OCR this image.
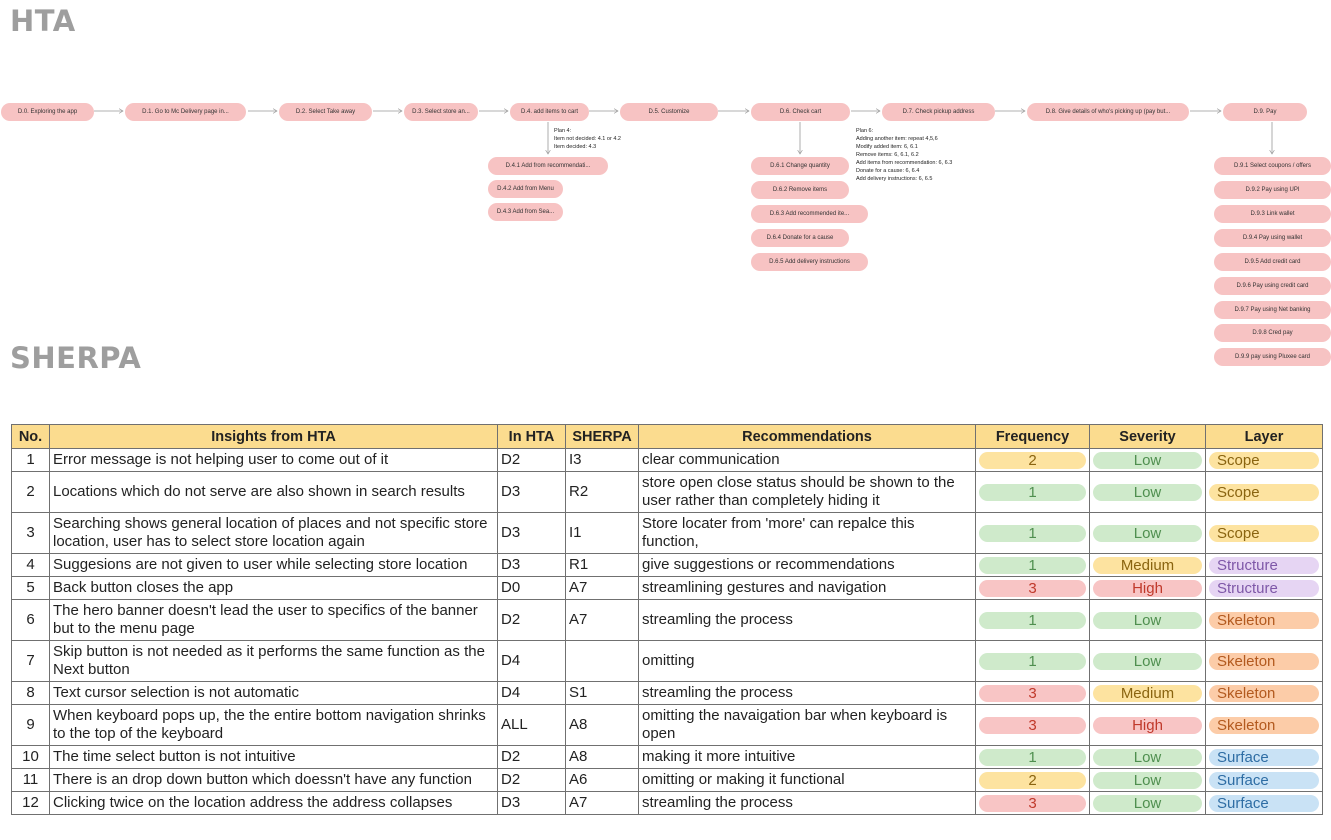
HTA
D.0. Exploring the app	D.1. Go to Mc Delivery page in...	D.2. Select Take away	D.3. Select store an...	D.4. add items to cart	D.5. Customize	D.6. Check cart	D.7. Check pickup address	D.8. Give details of who's picking up (pay but...	D.9. Pay
Plan 4:
Item not decided: 4.1 or 4.2
Item decided: 4.3
Plan 6:
Adding another item: repeat 4,5,6
Modify added item: 6, 6.1
Remove items: 6, 6.1, 6.2
Add items from recommendation: 6, 6.3
Donate for a cause: 6, 6.4
Add delivery instructions: 6, 6.5
D.4.1 Add from recommendati...
D.4.2 Add from Menu
D.4.3 Add from Sea...
D.6.1 Change quantity
D.6.2 Remove items
D.6.3 Add recommended ite...
D.6.4 Donate for a cause
D.6.5 Add delivery instructions
D.9.1 Select coupons / offers
D.9.2 Pay using UPI
D.9.3 Link wallet
D.9.4 Pay using wallet
D.9.5 Add credit card
D.9.6 Pay using credit card
D.9.7 Pay using Net banking
D.9.8 Cred pay
D.9.9 pay using Pluxee card
SHERPA
No.	Insights from HTA	In HTA	SHERPA	Recommendations	Frequency	Severity	Layer
1	Error message is not helping user to come out of it	D2	I3	clear communication	2	Low	Scope

2	Locations which do not serve are also shown in search results	D3	R2	store open close status should be shown to the user rather than completely hiding it	1	Low	Scope

3	Searching shows general location of places and not specific store location, user has to select store location again	D3	I1	Store locater from 'more' can repalce this function,	1	Low	Scope

4	Suggesions are not given to user while selecting store location	D3	R1	give suggestions or recommendations	1	Medium	Structure

5	Back button closes the app	D0	A7	streamlining gestures and navigation	3	High	Structure

6	The hero banner doesn't lead the user to specifics of the banner but to the menu page	D2	A7	streamling the process	1	Low	Skeleton

7	Skip button is not needed as it performs the same function as the Next button	D4		omitting	1	Low	Skeleton

8	Text cursor selection is not automatic	D4	S1	streamling the process	3	Medium	Skeleton

9	When keyboard pops up, the the entire bottom navigation shrinks to the top of the keyboard	ALL	A8	omitting the navaigation bar when keyboard is open	3	High	Skeleton

10	The time select button is not intuitive	D2	A8	making it more intuitive	1	Low	Surface

11	There is an drop down button which doessn't have any function	D2	A6	omitting or making it functional	2	Low	Surface

12	Clicking twice on the location address the address collapses	D3	A7	streamling the process	3	Low	Surface
